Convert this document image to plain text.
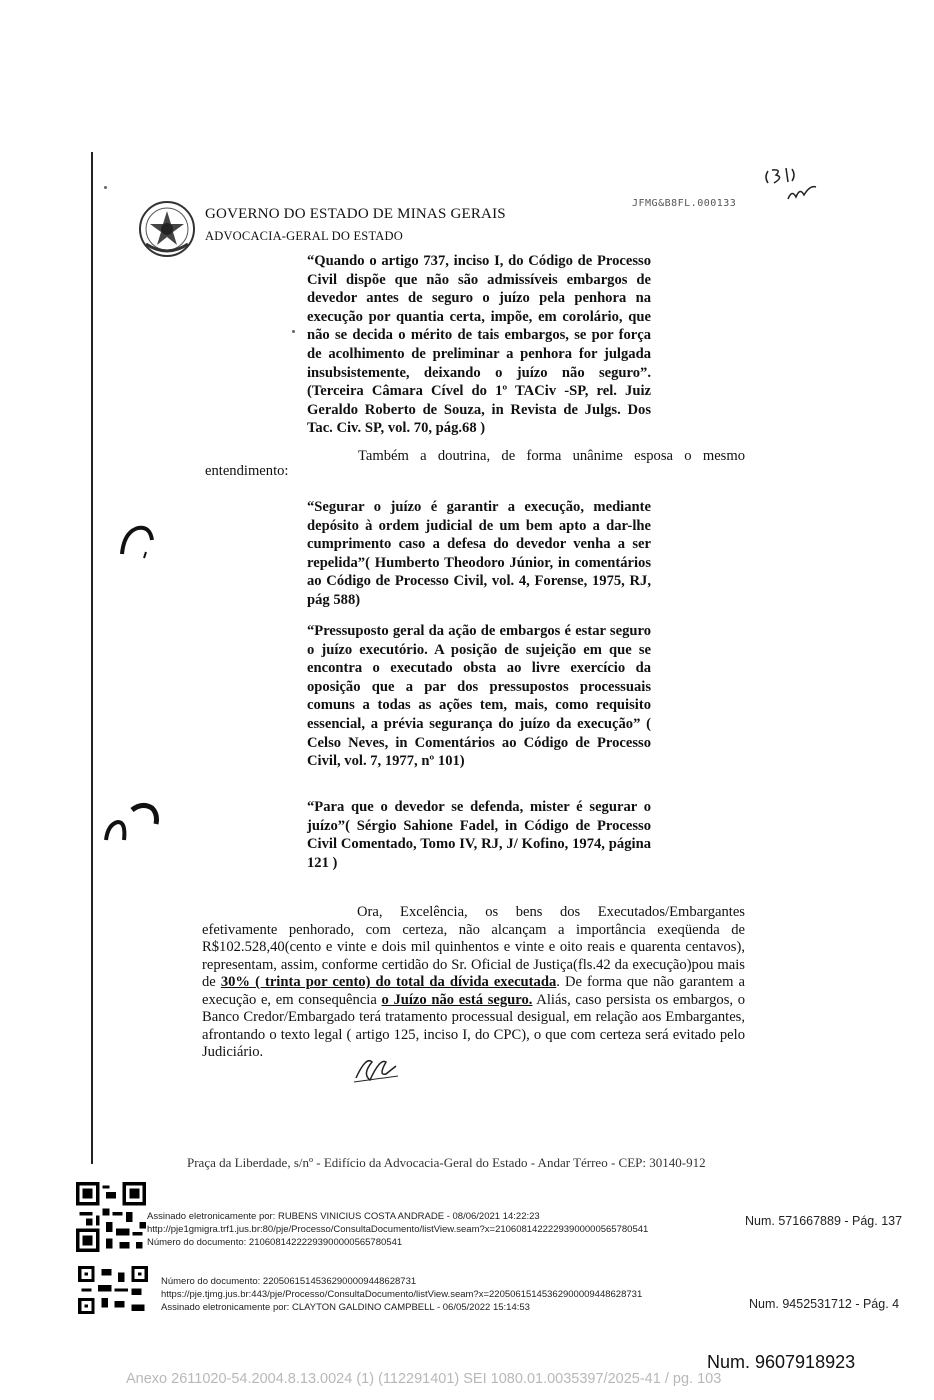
GOVERNO DO ESTADO DE MINAS GERAIS
ADVOCACIA-GERAL DO ESTADO
JFMG&B8FL.000133
“Quando o artigo 737, inciso I, do Código de Processo Civil dispõe que não são admissíveis embargos de devedor antes de seguro o juízo pela penhora na execução por quantia certa, impõe, em corolário, que não se decida o mérito de tais embargos, se por força de acolhimento de preliminar a penhora for julgada insubsistemente, deixando o juízo não seguro”. (Terceira Câmara Cível do 1º TACiv -SP, rel. Juiz Geraldo Roberto de Souza, in Revista de Julgs. Dos Tac. Civ. SP, vol. 70, pág.68 )
Também a doutrina, de forma unânime esposa o mesmo
entendimento:
“Segurar o juízo é garantir a execução, mediante depósito à ordem judicial de um bem apto a dar-lhe cumprimento caso a defesa do devedor venha a ser repelida”( Humberto Theodoro Júnior, in comentários ao Código de Processo Civil, vol. 4, Forense, 1975, RJ, pág 588)
“Pressuposto geral da ação de embargos é estar seguro o juízo executório. A posição de sujeição em que se encontra o executado obsta ao livre exercício da oposição que a par dos pressupostos processuais comuns a todas as ações tem, mais, como requisito essencial, a prévia segurança do juízo da execução” ( Celso Neves, in Comentários ao Código de Processo Civil, vol. 7, 1977, nº 101)
“Para que o devedor se defenda, mister é segurar o juízo”( Sérgio Sahione Fadel, in Código de Processo Civil Comentado, Tomo IV, RJ, J/ Kofino, 1974, página 121 )
Ora, Excelência, os bens dos Executados/Embargantes
efetivamente penhorado, com certeza, não alcançam a importância exeqüenda de R$102.528,40(cento e vinte e dois mil quinhentos e vinte e oito reais e quarenta centavos), representam, assim, conforme certidão do Sr. Oficial de Justiça(fls.42 da execução)pou mais de 30% ( trinta por cento) do total da dívida executada. De forma que não garantem a execução e, em consequência o Juízo não está seguro. Aliás, caso persista os embargos, o Banco Credor/Embargado terá tratamento processual desigual, em relação aos Embargantes, afrontando o texto legal ( artigo 125, inciso I, do CPC), o que com certeza será evitado pelo Judiciário.
Praça da Liberdade, s/nº - Edifício da Advocacia-Geral do Estado - Andar Térreo - CEP: 30140-912
Assinado eletronicamente por: RUBENS VINICIUS COSTA ANDRADE - 08/06/2021 14:22:23
http://pje1gmigra.trf1.jus.br:80/pje/Processo/ConsultaDocumento/listView.seam?x=21060814222293900000565780541
Número do documento: 21060814222293900000565780541
Num. 571667889 - Pág. 137
Número do documento: 22050615145362900009448628731
https://pje.tjmg.jus.br:443/pje/Processo/ConsultaDocumento/listView.seam?x=22050615145362900009448628731
Assinado eletronicamente por: CLAYTON GALDINO CAMPBELL - 06/05/2022 15:14:53	Num. 9452531712 - Pág. 4
Num. 9607918923
Anexo 2611020-54.2004.8.13.0024 (1) (112291401) SEI 1080.01.0035397/2025-41 / pg. 103
